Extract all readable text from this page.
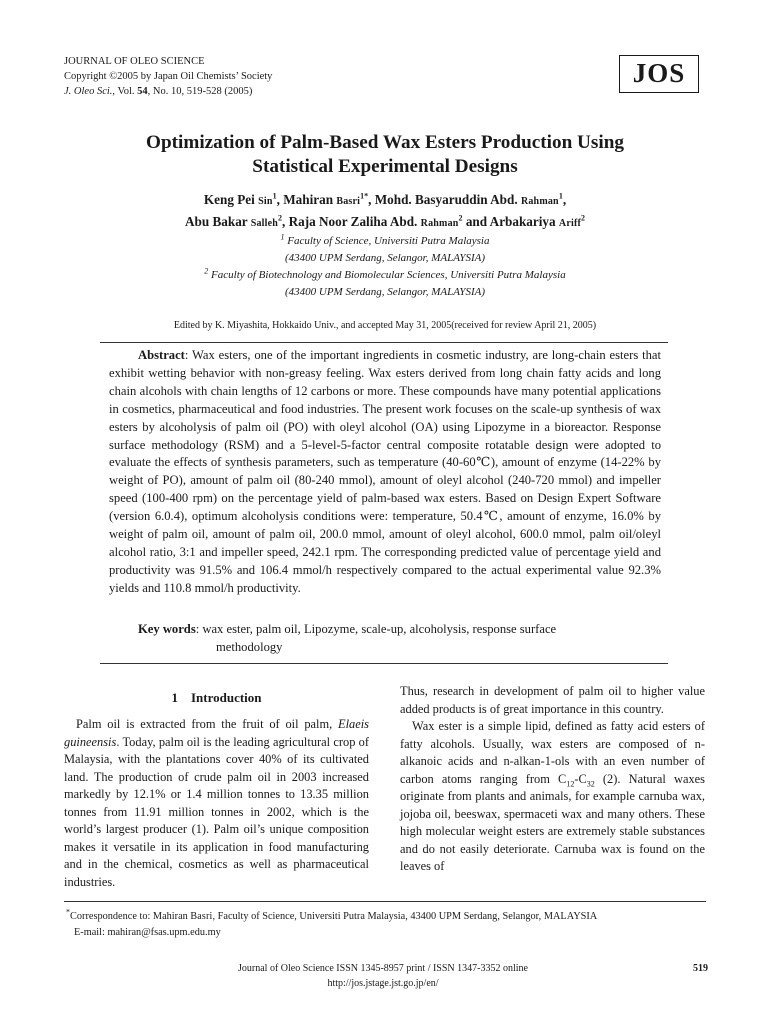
JOURNAL OF OLEO SCIENCE
Copyright ©2005 by Japan Oil Chemists’ Society
J. Oleo Sci., Vol. 54, No. 10, 519-528 (2005)
JOS
Optimization of Palm-Based Wax Esters Production Using
Statistical Experimental Designs
Keng Pei Sin$^1$, Mahiran Basri$^{1*}$, Mohd. Basyaruddin Abd. Rahman$^1$,
Abu Bakar Salleh$^2$, Raja Noor Zaliha Abd. Rahman$^2$ and Arbakariya Ariff$^2$
$^1$ Faculty of Science, Universiti Putra Malaysia
(43400 UPM Serdang, Selangor, MALAYSIA)
$^2$ Faculty of Biotechnology and Biomolecular Sciences, Universiti Putra Malaysia
(43400 UPM Serdang, Selangor, MALAYSIA)
Edited by K. Miyashita, Hokkaido Univ., and accepted May 31, 2005(received for review April 21, 2005)

Abstract: Wax esters, one of the important ingredients in cosmetic industry, are long-chain esters that exhibit wetting behavior with non-greasy feeling. Wax esters derived from long chain fatty acids and long chain alcohols with chain lengths of 12 carbons or more. These compounds have many potential applications in cosmetics, pharmaceutical and food industries. The present work focuses on the scale-up synthesis of wax esters by alcoholysis of palm oil (PO) with oleyl alcohol (OA) using Lipozyme in a bioreactor. Response surface methodology (RSM) and a 5-level-5-factor central composite rotatable design were adopted to evaluate the effects of synthesis parameters, such as temperature (40-60℃), amount of enzyme (14-22% by weight of PO), amount of palm oil (80-240 mmol), amount of oleyl alcohol (240-720 mmol) and impeller speed (100-400 rpm) on the percentage yield of palm-based wax esters. Based on Design Expert Software (version 6.0.4), optimum alcoholysis conditions were: temperature, 50.4℃, amount of enzyme, 16.0% by weight of palm oil, amount of palm oil, 200.0 mmol, amount of oleyl alcohol, 600.0 mmol, palm oil/oleyl alcohol ratio, 3:1 and impeller speed, 242.1 rpm. The corresponding predicted value of percentage yield and productivity was 91.5% and 106.4 mmol/h respectively compared to the actual experimental value 92.3% yields and 110.8 mmol/h productivity.

Key words: wax ester, palm oil, Lipozyme, scale-up, alcoholysis, response surface
methodology
1 Introduction

Palm oil is extracted from the fruit of oil palm, Elaeis guineensis. Today, palm oil is the leading agricultural crop of Malaysia, with the plantations cover 40% of its cultivated land. The production of crude palm oil in 2003 increased markedly by 12.1% or 1.4 million tonnes to 13.35 million tonnes from 11.91 million tonnes in 2002, which is the world’s largest producer (1). Palm oil’s unique composition makes it versatile in its application in food manufacturing and in the chemical, cosmetics as well as pharmaceutical industries.

Thus, research in development of palm oil to higher value added products is of great importance in this country.

Wax ester is a simple lipid, defined as fatty acid esters of fatty alcohols. Usually, wax esters are composed of n-alkanoic acids and n-alkan-1-ols with an even number of carbon atoms ranging from $C_{12}-C_{32}$ (2). Natural waxes originate from plants and animals, for example carnuba wax, jojoba oil, beeswax, spermaceti wax and many others. These high molecular weight esters are extremely stable substances and do not easily deteriorate. Carnuba wax is found on the leaves of

*Correspondence to: Mahiran Basri, Faculty of Science, Universiti Putra Malaysia, 43400 UPM Serdang, Selangor, MALAYSIA
E-mail: mahiran@fsas.upm.edu.my
Journal of Oleo Science ISSN 1345-8957 print / ISSN 1347-3352 online
http://jos.jstage.jst.go.jp/en/
519
